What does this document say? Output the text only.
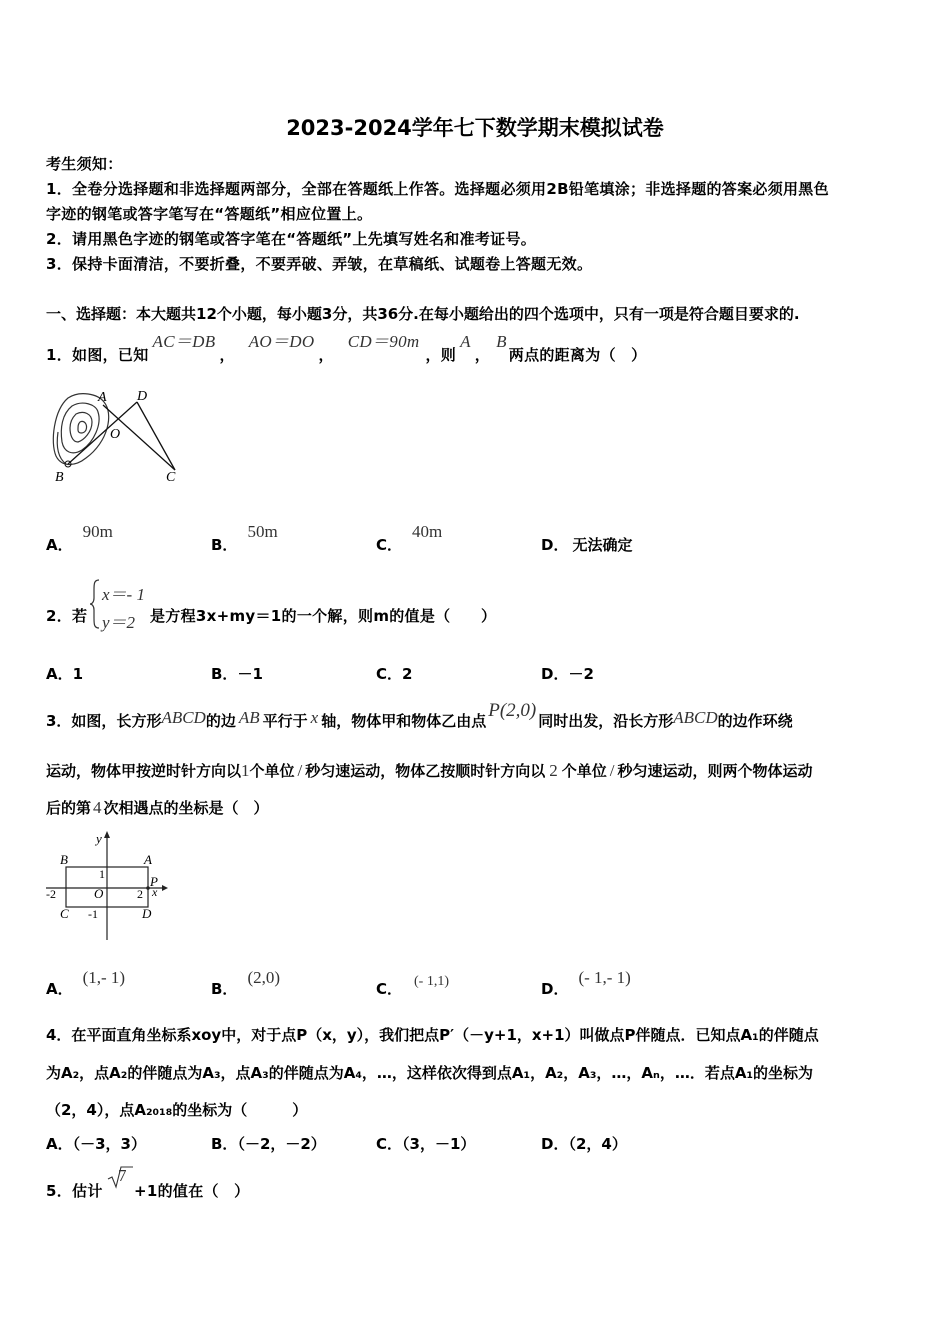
2023-2024学年七下数学期末模拟试卷
考生须知：
1．全卷分选择题和非选择题两部分，全部在答题纸上作答。选择题必须用2B铅笔填涂；非选择题的答案必须用黑色
字迹的钢笔或答字笔写在“答题纸”相应位置上。
2．请用黑色字迹的钢笔或答字笔在“答题纸”上先填写姓名和准考证号。
3．保持卡面清洁，不要折叠，不要弄破、弄皱，在草稿纸、试题卷上答题无效。
一、选择题：本大题共12个小题，每小题3分，共36分.在每小题给出的四个选项中，只有一项是符合题目要求的.
1．如图，已知AC＝DB，AO＝DO，CD＝90m，则A，B两点的距离为（　）
A D
O
B	C
A．90m
B．50m
C．40m
D． 无法确定
2．若
x＝- 1
y＝2 是方程3x+my＝1的一个解，则m的值是（　　）
A．1	B．－1	C．2	D．－2
3．如图，长方形ABCD的边 AB 平行于 x 轴，物体甲和物体乙由点 P(2,0) 同时出发，沿长方形ABCD的边作环绕
运动，物体甲按逆时针方向以1个单位 / 秒匀速运动，物体乙按顺时针方向以 2 个单位 / 秒匀速运动，则两个物体运动
后的第 4 次相遇点的坐标是（　）
y
B	A
1
-2	O	2
P
x
C -1	D
A．(1,- 1)
B．(2,0)
C． (- 1,1)	D．(- 1,- 1)
4．在平面直角坐标系xoy中，对于点P（x，y），我们把点P′（－y+1，x+1）叫做点P伴随点．已知点A₁的伴随点
为A₂，点A₂的伴随点为A₃，点A₃的伴随点为A₄，…，这样依次得到点A₁，A₂，A₃，…，Aₙ，…．若点A₁的坐标为
（2，4），点A₂₀₁₈的坐标为（　　　）
A．（－3，3）	B．（－2，－2）	C．（3，－1）	D．（2，4）
5．估计
7
+1的值在（　）
